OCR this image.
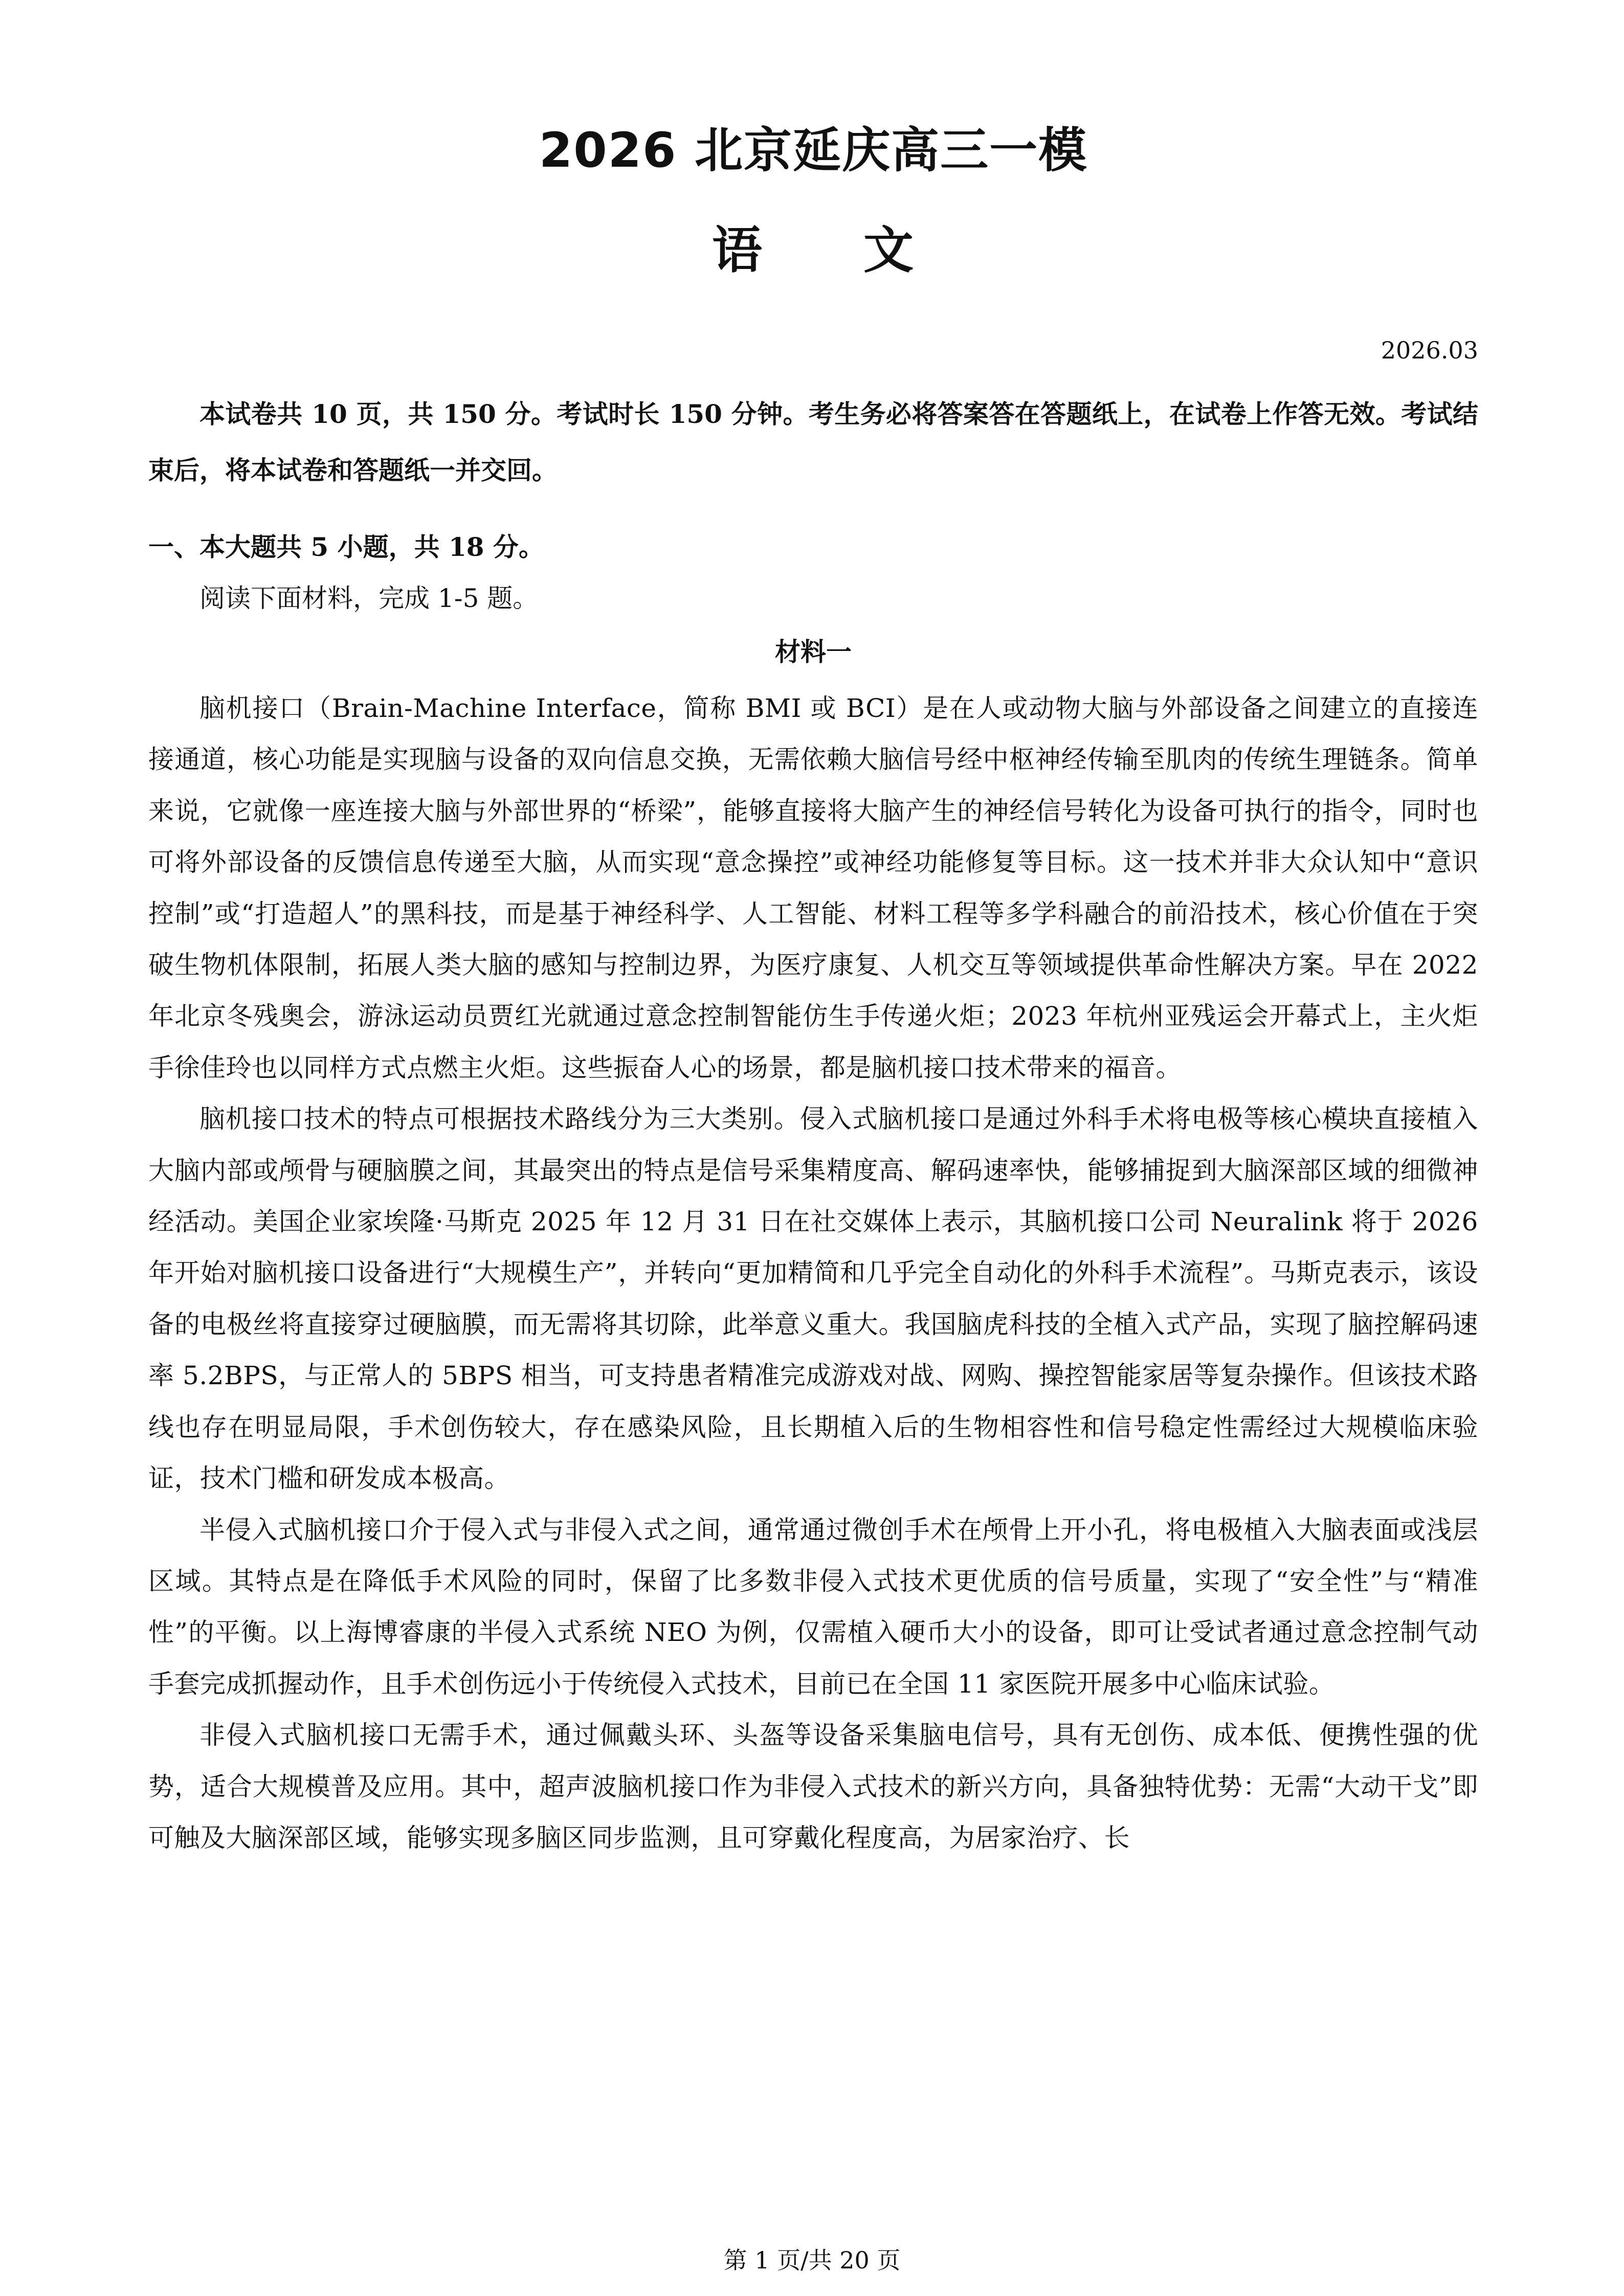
2026 北京延庆高三一模
语 文
2026.03
本试卷共 10 页，共 150 分。考试时长 150 分钟。考生务必将答案答在答题纸上，在试卷上作答无效。考试结束后，将本试卷和答题纸一并交回。
一、本大题共 5 小题，共 18 分。
阅读下面材料，完成 1-5 题。
材料一

脑机接口（Brain-Machine Interface，简称 BMI 或 BCI）是在人或动物大脑与外部设备之间建立的直接连接通道，核心功能是实现脑与设备的双向信息交换，无需依赖大脑信号经中枢神经传输至肌肉的传统生理链条。简单来说，它就像一座连接大脑与外部世界的“桥梁”，能够直接将大脑产生的神经信号转化为设备可执行的指令，同时也可将外部设备的反馈信息传递至大脑，从而实现“意念操控”或神经功能修复等目标。这一技术并非大众认知中“意识控制”或“打造超人”的黑科技，而是基于神经科学、人工智能、材料工程等多学科融合的前沿技术，核心价值在于突破生物机体限制，拓展人类大脑的感知与控制边界，为医疗康复、人机交互等领域提供革命性解决方案。早在 2022 年北京冬残奥会，游泳运动员贾红光就通过意念控制智能仿生手传递火炬；2023 年杭州亚残运会开幕式上，主火炬手徐佳玲也以同样方式点燃主火炬。这些振奋人心的场景，都是脑机接口技术带来的福音。

脑机接口技术的特点可根据技术路线分为三大类别。侵入式脑机接口是通过外科手术将电极等核心模块直接植入大脑内部或颅骨与硬脑膜之间，其最突出的特点是信号采集精度高、解码速率快，能够捕捉到大脑深部区域的细微神经活动。美国企业家埃隆·马斯克 2025 年 12 月 31 日在社交媒体上表示，其脑机接口公司 Neuralink 将于 2026 年开始对脑机接口设备进行“大规模生产”，并转向“更加精简和几乎完全自动化的外科手术流程”。马斯克表示，该设备的电极丝将直接穿过硬脑膜，而无需将其切除，此举意义重大。我国脑虎科技的全植入式产品，实现了脑控解码速率 5.2BPS，与正常人的 5BPS 相当，可支持患者精准完成游戏对战、网购、操控智能家居等复杂操作。但该技术路线也存在明显局限，手术创伤较大，存在感染风险，且长期植入后的生物相容性和信号稳定性需经过大规模临床验证，技术门槛和研发成本极高。

半侵入式脑机接口介于侵入式与非侵入式之间，通常通过微创手术在颅骨上开小孔，将电极植入大脑表面或浅层区域。其特点是在降低手术风险的同时，保留了比多数非侵入式技术更优质的信号质量，实现了“安全性”与“精准性”的平衡。以上海博睿康的半侵入式系统 NEO 为例，仅需植入硬币大小的设备，即可让受试者通过意念控制气动手套完成抓握动作，且手术创伤远小于传统侵入式技术，目前已在全国 11 家医院开展多中心临床试验。

非侵入式脑机接口无需手术，通过佩戴头环、头盔等设备采集脑电信号，具有无创伤、成本低、便携性强的优势，适合大规模普及应用。其中，超声波脑机接口作为非侵入式技术的新兴方向，具备独特优势：无需“大动干戈”即可触及大脑深部区域，能够实现多脑区同步监测，且可穿戴化程度高，为居家治疗、长

第 1 页/共 20 页
